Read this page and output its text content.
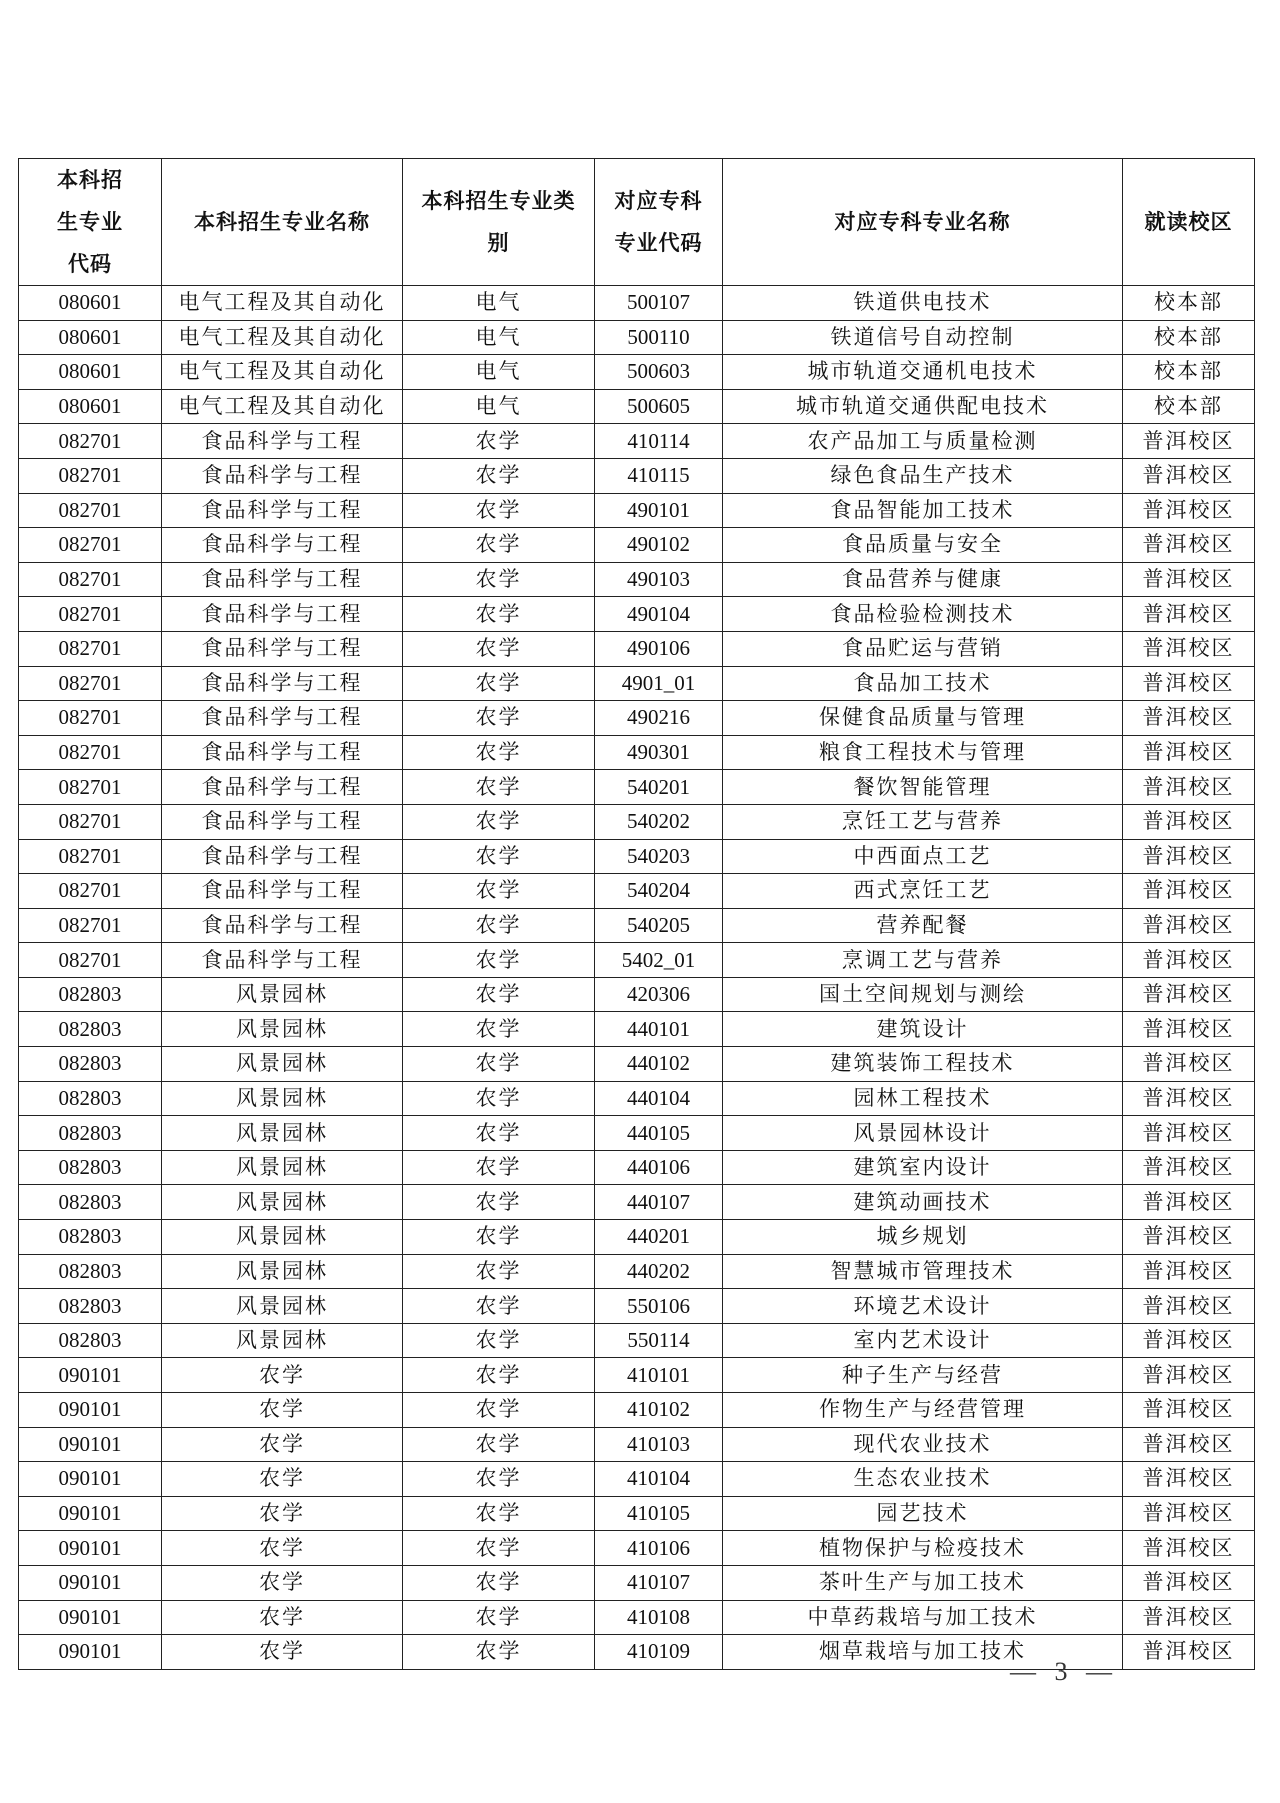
本科招生专业代码	本科招生专业名称	本科招生专业类别	对应专科专业代码	对应专科专业名称	就读校区
080601	电气工程及其自动化	电气	500107	铁道供电技术	校本部
080601	电气工程及其自动化	电气	500110	铁道信号自动控制	校本部
080601	电气工程及其自动化	电气	500603	城市轨道交通机电技术	校本部
080601	电气工程及其自动化	电气	500605	城市轨道交通供配电技术	校本部
082701	食品科学与工程	农学	410114	农产品加工与质量检测	普洱校区
082701	食品科学与工程	农学	410115	绿色食品生产技术	普洱校区
082701	食品科学与工程	农学	490101	食品智能加工技术	普洱校区
082701	食品科学与工程	农学	490102	食品质量与安全	普洱校区
082701	食品科学与工程	农学	490103	食品营养与健康	普洱校区
082701	食品科学与工程	农学	490104	食品检验检测技术	普洱校区
082701	食品科学与工程	农学	490106	食品贮运与营销	普洱校区
082701	食品科学与工程	农学	4901_01	食品加工技术	普洱校区
082701	食品科学与工程	农学	490216	保健食品质量与管理	普洱校区
082701	食品科学与工程	农学	490301	粮食工程技术与管理	普洱校区
082701	食品科学与工程	农学	540201	餐饮智能管理	普洱校区
082701	食品科学与工程	农学	540202	烹饪工艺与营养	普洱校区
082701	食品科学与工程	农学	540203	中西面点工艺	普洱校区
082701	食品科学与工程	农学	540204	西式烹饪工艺	普洱校区
082701	食品科学与工程	农学	540205	营养配餐	普洱校区
082701	食品科学与工程	农学	5402_01	烹调工艺与营养	普洱校区
082803	风景园林	农学	420306	国土空间规划与测绘	普洱校区
082803	风景园林	农学	440101	建筑设计	普洱校区
082803	风景园林	农学	440102	建筑装饰工程技术	普洱校区
082803	风景园林	农学	440104	园林工程技术	普洱校区
082803	风景园林	农学	440105	风景园林设计	普洱校区
082803	风景园林	农学	440106	建筑室内设计	普洱校区
082803	风景园林	农学	440107	建筑动画技术	普洱校区
082803	风景园林	农学	440201	城乡规划	普洱校区
082803	风景园林	农学	440202	智慧城市管理技术	普洱校区
082803	风景园林	农学	550106	环境艺术设计	普洱校区
082803	风景园林	农学	550114	室内艺术设计	普洱校区
090101	农学	农学	410101	种子生产与经营	普洱校区
090101	农学	农学	410102	作物生产与经营管理	普洱校区
090101	农学	农学	410103	现代农业技术	普洱校区
090101	农学	农学	410104	生态农业技术	普洱校区
090101	农学	农学	410105	园艺技术	普洱校区
090101	农学	农学	410106	植物保护与检疫技术	普洱校区
090101	农学	农学	410107	茶叶生产与加工技术	普洱校区
090101	农学	农学	410108	中草药栽培与加工技术	普洱校区
090101	农学	农学	410109	烟草栽培与加工技术	普洱校区
— 3 —
